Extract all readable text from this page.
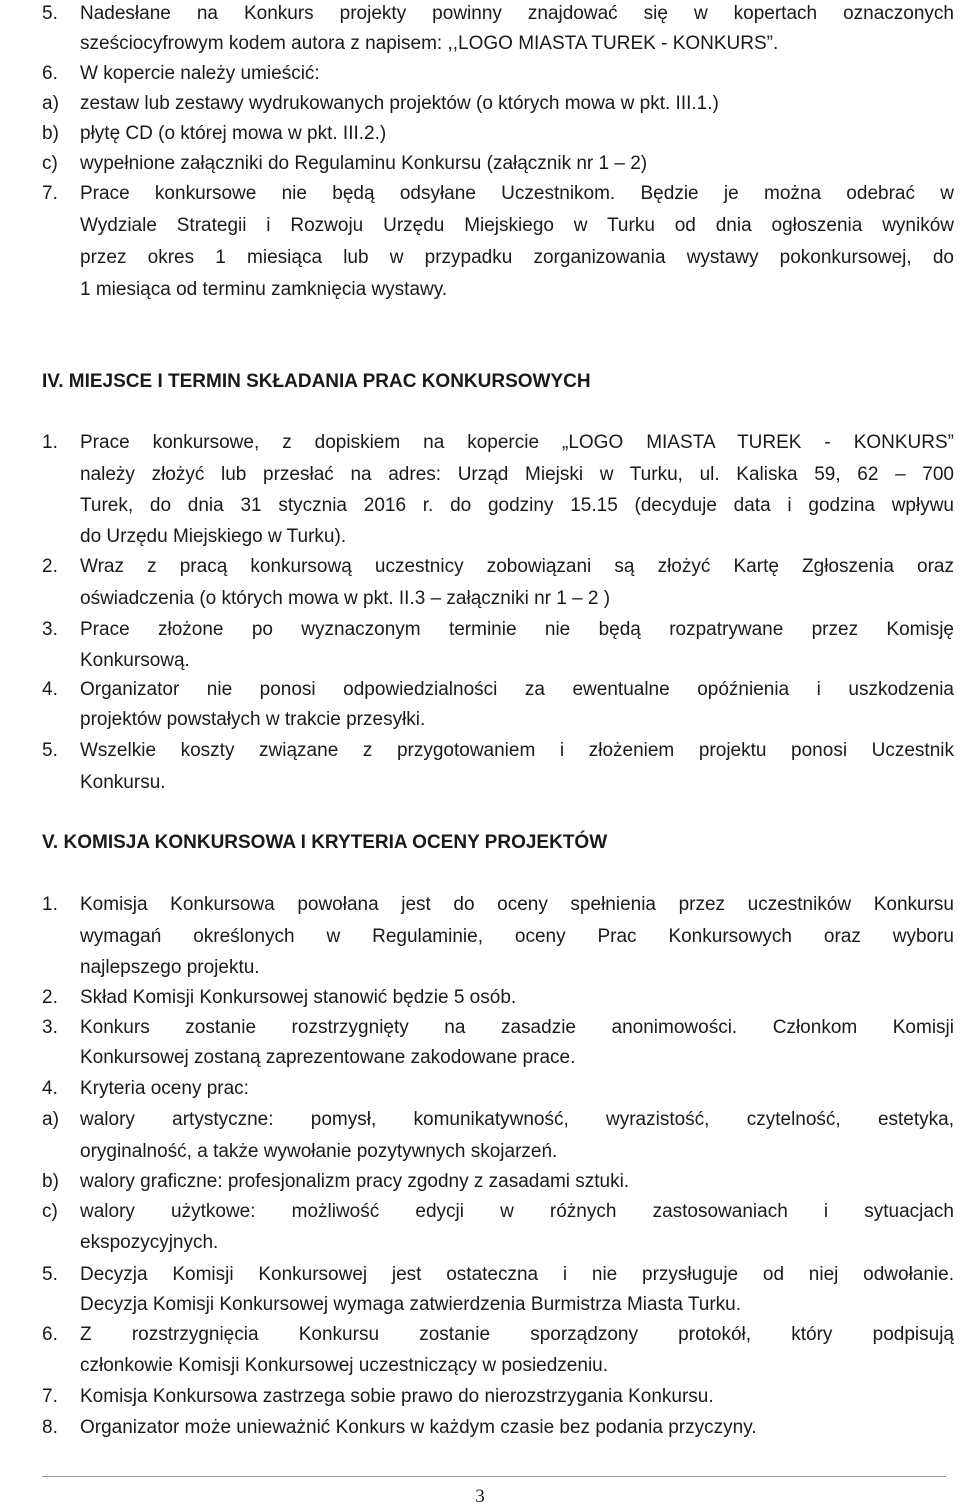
5. Nadesłane na Konkurs projekty powinny znajdować się w kopertach oznaczonych
sześciocyfrowym kodem autora z napisem: ,,LOGO MIASTA TUREK - KONKURS”.
6. W kopercie należy umieścić:
a) zestaw lub zestawy wydrukowanych projektów (o których mowa w pkt. III.1.)
b) płytę CD (o której mowa w pkt. III.2.)
c) wypełnione załączniki do Regulaminu Konkursu (załącznik nr 1 – 2)
7. Prace konkursowe nie będą odsyłane Uczestnikom. Będzie je można odebrać w
Wydziale Strategii i Rozwoju Urzędu Miejskiego w Turku od dnia ogłoszenia wyników
przez okres 1 miesiąca lub w przypadku zorganizowania wystawy pokonkursowej, do
1 miesiąca od terminu zamknięcia wystawy.
IV. MIEJSCE I TERMIN SKŁADANIA PRAC KONKURSOWYCH
1. Prace konkursowe, z dopiskiem na kopercie „LOGO MIASTA TUREK - KONKURS”
należy złożyć lub przesłać na adres: Urząd Miejski w Turku, ul. Kaliska 59, 62 – 700
Turek, do dnia 31 stycznia 2016 r. do godziny 15.15 (decyduje data i godzina wpływu
do Urzędu Miejskiego w Turku).
2. Wraz z pracą konkursową uczestnicy zobowiązani są złożyć Kartę Zgłoszenia oraz
oświadczenia (o których mowa w pkt. II.3 – załączniki nr 1 – 2 )
3. Prace złożone po wyznaczonym terminie nie będą rozpatrywane przez Komisję
Konkursową.
4. Organizator nie ponosi odpowiedzialności za ewentualne opóźnienia i uszkodzenia
projektów powstałych w trakcie przesyłki.
5. Wszelkie koszty związane z przygotowaniem i złożeniem projektu ponosi Uczestnik
Konkursu.
V. KOMISJA KONKURSOWA I KRYTERIA OCENY PROJEKTÓW
1. Komisja Konkursowa powołana jest do oceny spełnienia przez uczestników Konkursu
wymagań określonych w Regulaminie, oceny Prac Konkursowych oraz wyboru
najlepszego projektu.
2. Skład Komisji Konkursowej stanowić będzie 5 osób.
3. Konkurs zostanie rozstrzygnięty na zasadzie anonimowości. Członkom Komisji
Konkursowej zostaną zaprezentowane zakodowane prace.
4. Kryteria oceny prac:
a) walory artystyczne: pomysł, komunikatywność, wyrazistość, czytelność, estetyka,
oryginalność, a także wywołanie pozytywnych skojarzeń.
b) walory graficzne: profesjonalizm pracy zgodny z zasadami sztuki.
c) walory użytkowe: możliwość edycji w różnych zastosowaniach i sytuacjach
ekspozycyjnych.
5. Decyzja Komisji Konkursowej jest ostateczna i nie przysługuje od niej odwołanie.
Decyzja Komisji Konkursowej wymaga zatwierdzenia Burmistrza Miasta Turku.
6. Z rozstrzygnięcia Konkursu zostanie sporządzony protokół, który podpisują
członkowie Komisji Konkursowej uczestniczący w posiedzeniu.
7. Komisja Konkursowa zastrzega sobie prawo do nierozstrzygania Konkursu.
8. Organizator może unieważnić Konkurs w każdym czasie bez podania przyczyny.
3
